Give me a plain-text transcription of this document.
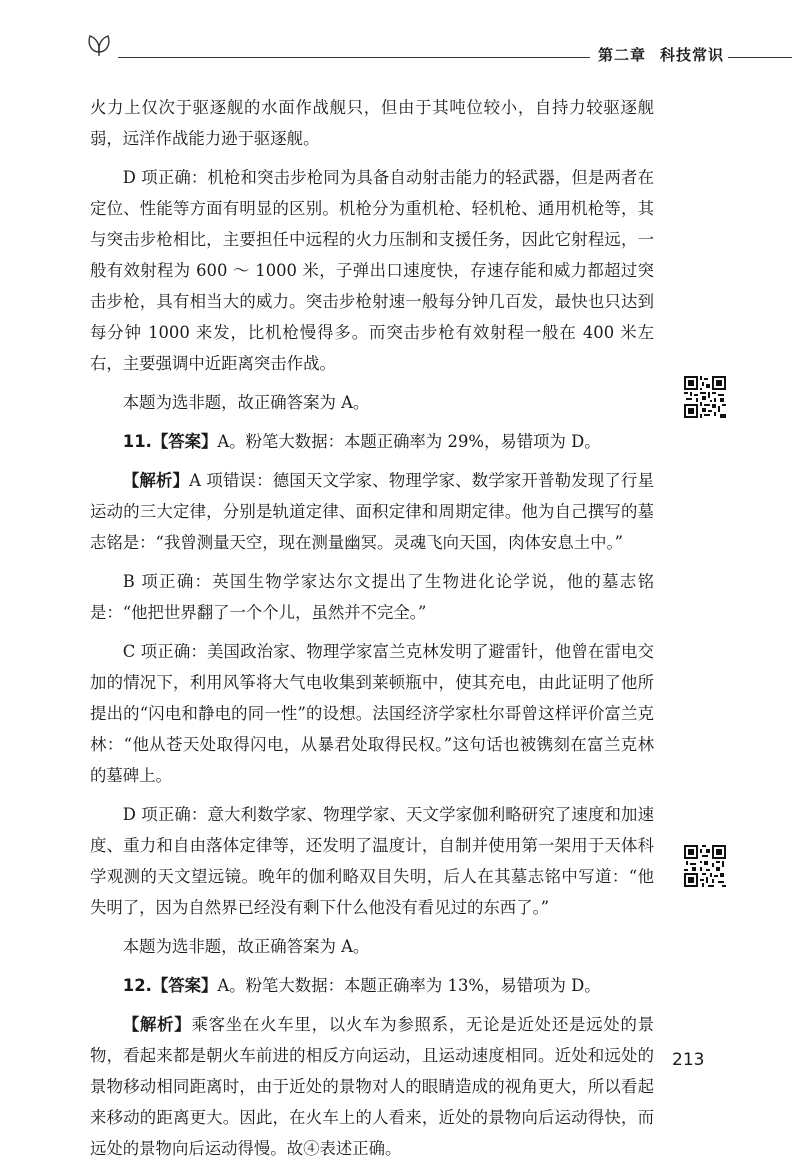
第二章 科技常识

火力上仅次于驱逐舰的水面作战舰只，但由于其吨位较小，自持力较驱逐舰弱，远洋作战能力逊于驱逐舰。

D 项正确：机枪和突击步枪同为具备自动射击能力的轻武器，但是两者在定位、性能等方面有明显的区别。机枪分为重机枪、轻机枪、通用机枪等，其与突击步枪相比，主要担任中远程的火力压制和支援任务，因此它射程远，一般有效射程为 600 ～ 1000 米，子弹出口速度快，存速存能和威力都超过突击步枪，具有相当大的威力。突击步枪射速一般每分钟几百发，最快也只达到每分钟 1000 来发，比机枪慢得多。而突击步枪有效射程一般在 400 米左右，主要强调中近距离突击作战。

本题为选非题，故正确答案为 A。

11.【答案】A。粉笔大数据：本题正确率为 29%，易错项为 D。

【解析】A 项错误：德国天文学家、物理学家、数学家开普勒发现了行星运动的三大定律，分别是轨道定律、面积定律和周期定律。他为自己撰写的墓志铭是：“我曾测量天空，现在测量幽冥。灵魂飞向天国，肉体安息土中。”

B 项正确：英国生物学家达尔文提出了生物进化论学说，他的墓志铭是：“他把世界翻了一个个儿，虽然并不完全。”

C 项正确：美国政治家、物理学家富兰克林发明了避雷针，他曾在雷电交加的情况下，利用风筝将大气电收集到莱顿瓶中，使其充电，由此证明了他所提出的“闪电和静电的同一性”的设想。法国经济学家杜尔哥曾这样评价富兰克林：“他从苍天处取得闪电，从暴君处取得民权。”这句话也被镌刻在富兰克林的墓碑上。

D 项正确：意大利数学家、物理学家、天文学家伽利略研究了速度和加速度、重力和自由落体定律等，还发明了温度计，自制并使用第一架用于天体科学观测的天文望远镜。晚年的伽利略双目失明，后人在其墓志铭中写道：“他失明了，因为自然界已经没有剩下什么他没有看见过的东西了。”

本题为选非题，故正确答案为 A。

12.【答案】A。粉笔大数据：本题正确率为 13%，易错项为 D。

【解析】乘客坐在火车里，以火车为参照系，无论是近处还是远处的景物，看起来都是朝火车前进的相反方向运动，且运动速度相同。近处和远处的景物移动相同距离时，由于近处的景物对人的眼睛造成的视角更大，所以看起来移动的距离更大。因此，在火车上的人看来，近处的景物向后运动得快，而远处的景物向后运动得慢。故④表述正确。

213
